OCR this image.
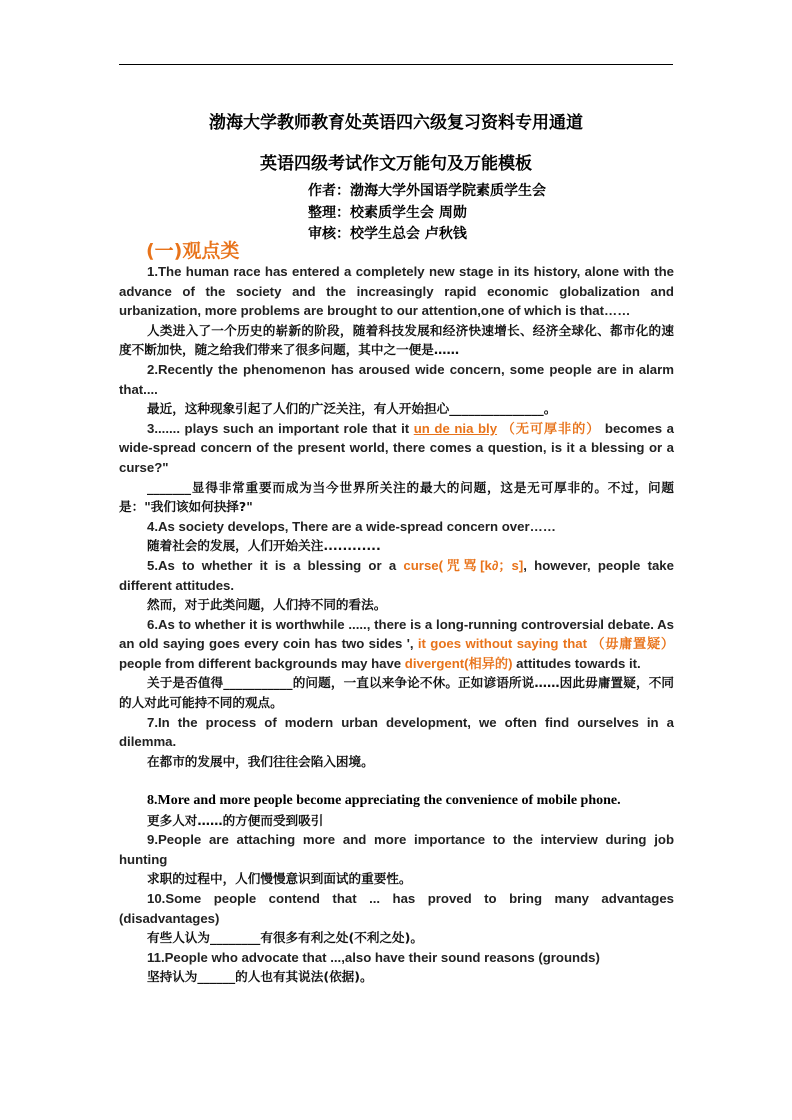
渤海大学教师教育处英语四六级复习资料专用通道
英语四级考试作文万能句及万能模板
作者：渤海大学外国语学院素质学生会
整理：校素质学生会 周勋
审核：校学生总会 卢秋钱
(一)观点类

1.The human race has entered a completely new stage in its history, alone with the advance of the society and the increasingly rapid economic globalization and urbanization, more problems are brought to our attention,one of which is that……

人类进入了一个历史的崭新的阶段，随着科技发展和经济快速增长、经济全球化、都市化的速度不断加快，随之给我们带来了很多问题，其中之一便是……

2.Recently the phenomenon has aroused wide concern, some people are in alarm that....

最近，这种现象引起了人们的广泛关注，有人开始担心_______________。

3....... plays such an important role that it un de nia bly （无可厚非的） becomes a wide-spread concern of the present world, there comes a question, is it a blessing or a curse?"

_______显得非常重要而成为当今世界所关注的最大的问题，这是无可厚非的。不过，问题是："我们该如何抉择?"

4.As society develops, There are a wide-spread concern over……

随着社会的发展，人们开始关注............

5.As to whether it is a blessing or a curse(咒骂[k∂；s], however, people take different attitudes.

然而，对于此类问题，人们持不同的看法。

6.As to whether it is worthwhile ....., there is a long-running controversial debate. As an old saying goes every coin has two sides ', it goes without saying that （毋庸置疑） people from different backgrounds may have divergent(相异的) attitudes towards it.

关于是否值得___________的问题，一直以来争论不休。正如谚语所说……因此毋庸置疑，不同的人对此可能持不同的观点。

7.In the process of modern urban development, we often find ourselves in a dilemma.

在都市的发展中，我们往往会陷入困境。

8.More and more people become appreciating the convenience of mobile phone.

更多人对……的方便而受到吸引

9.People are attaching more and more importance to the interview during job hunting

求职的过程中，人们慢慢意识到面试的重要性。

10.Some people contend that ... has proved to bring many advantages (disadvantages)

有些人认为________有很多有利之处(不利之处)。

11.People who advocate that ...,also have their sound reasons (grounds)

坚持认为______的人也有其说法(依据)。
